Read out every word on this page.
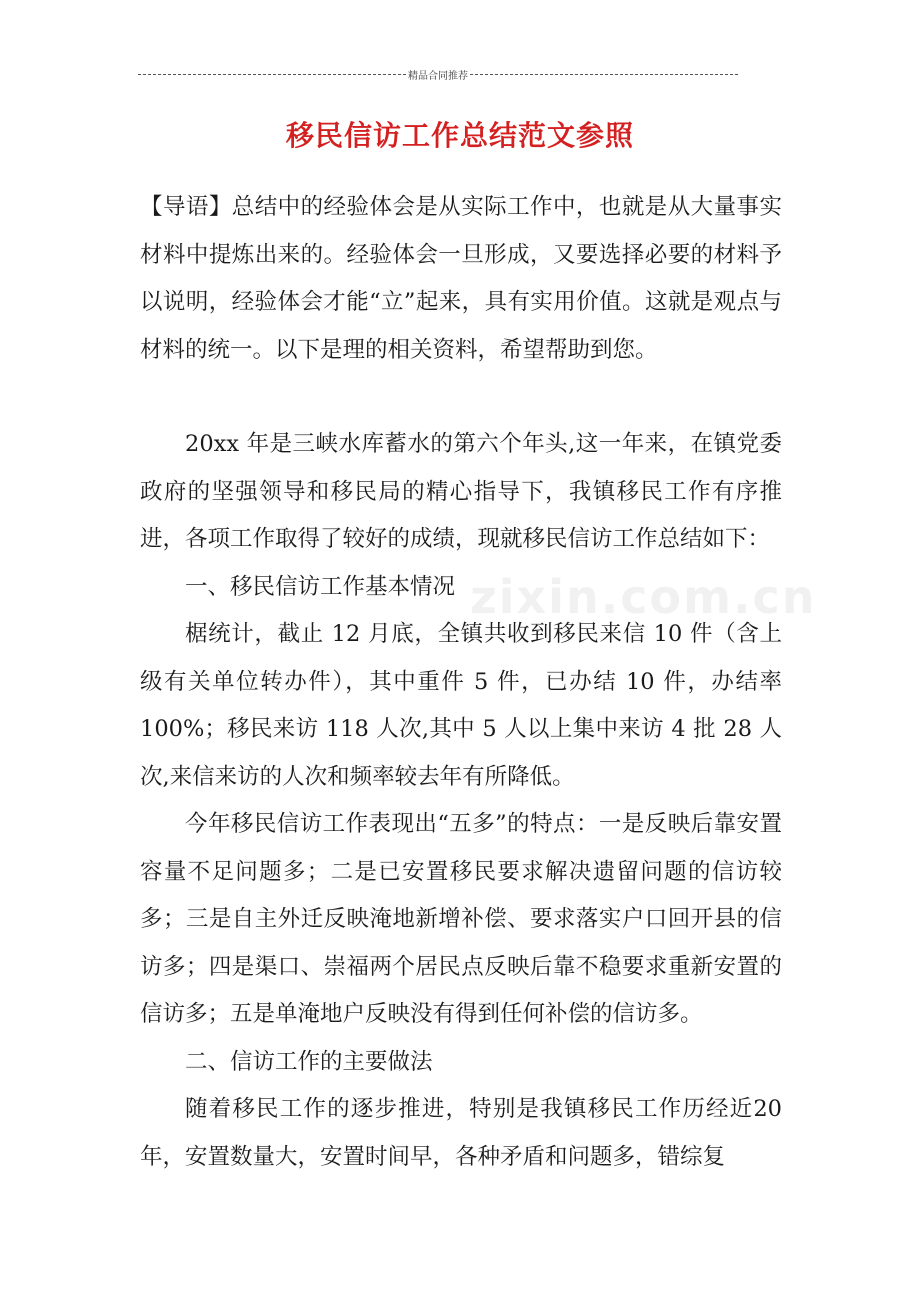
精品合同推荐
移民信访工作总结范文参照
zixin.com.cn

【导语】总结中的经验体会是从实际工作中，也就是从大量事实材料中提炼出来的。经验体会一旦形成，又要选择必要的材料予以说明，经验体会才能“立”起来，具有实用价值。这就是观点与材料的统一。以下是理的相关资料，希望帮助到您。

20xx 年是三峡水库蓄水的第六个年头,这一年来，在镇党委政府的坚强领导和移民局的精心指导下，我镇移民工作有序推进，各项工作取得了较好的成绩，现就移民信访工作总结如下：

一、移民信访工作基本情况

椐统计，截止 12 月底，全镇共收到移民来信 10 件（含上级有关单位转办件），其中重件 5 件，已办结 10 件，办结率100%；移民来访 118 人次,其中 5 人以上集中来访 4 批 28 人次,来信来访的人次和频率较去年有所降低。

今年移民信访工作表现出“五多”的特点：一是反映后靠安置容量不足问题多；二是已安置移民要求解决遗留问题的信访较多；三是自主外迁反映淹地新增补偿、要求落实户口回开县的信访多；四是渠口、崇福两个居民点反映后靠不稳要求重新安置的信访多；五是单淹地户反映没有得到任何补偿的信访多。

二、信访工作的主要做法

随着移民工作的逐步推进，特别是我镇移民工作历经近20 年，安置数量大，安置时间早，各种矛盾和问题多，错综复
